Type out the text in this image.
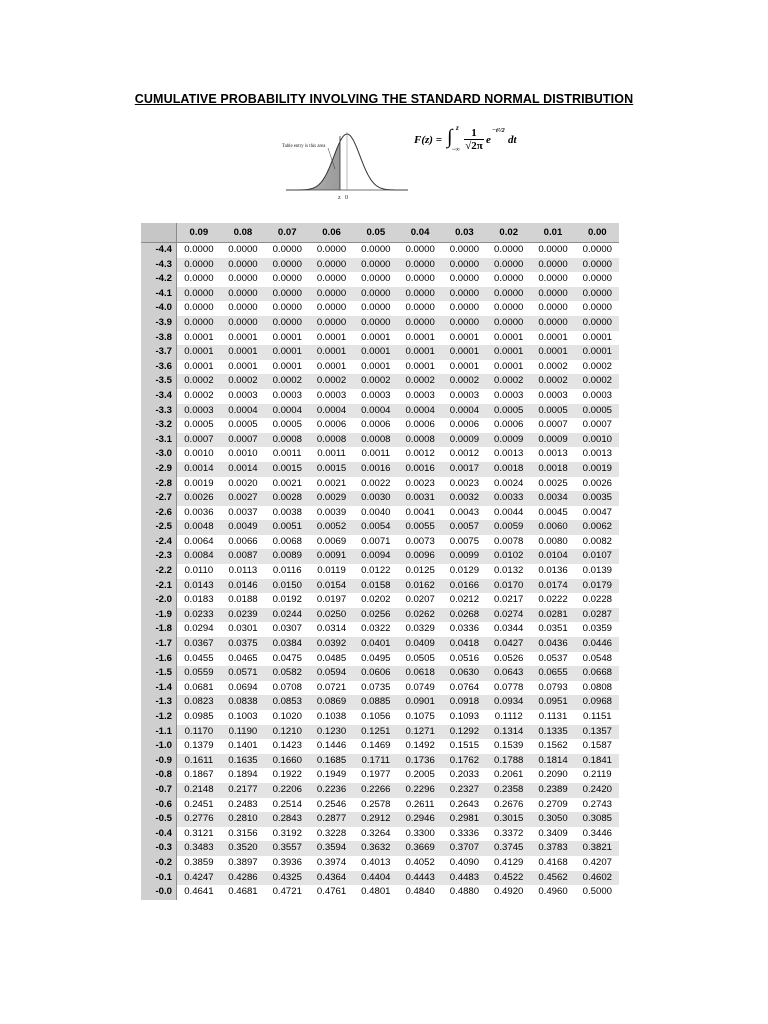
CUMULATIVE PROBABILITY INVOLVING THE STANDARD NORMAL DISTRIBUTION
Table entry is this area
z 0
F(z) = ∫ z
−∞
1
√2π e
−t²/2
dt
	0.09	0.08	0.07	0.06	0.05	0.04	0.03	0.02	0.01	0.00
-4.4	0.0000	0.0000	0.0000	0.0000	0.0000	0.0000	0.0000	0.0000	0.0000	0.0000
-4.3	0.0000	0.0000	0.0000	0.0000	0.0000	0.0000	0.0000	0.0000	0.0000	0.0000
-4.2	0.0000	0.0000	0.0000	0.0000	0.0000	0.0000	0.0000	0.0000	0.0000	0.0000
-4.1	0.0000	0.0000	0.0000	0.0000	0.0000	0.0000	0.0000	0.0000	0.0000	0.0000
-4.0	0.0000	0.0000	0.0000	0.0000	0.0000	0.0000	0.0000	0.0000	0.0000	0.0000
-3.9	0.0000	0.0000	0.0000	0.0000	0.0000	0.0000	0.0000	0.0000	0.0000	0.0000
-3.8	0.0001	0.0001	0.0001	0.0001	0.0001	0.0001	0.0001	0.0001	0.0001	0.0001
-3.7	0.0001	0.0001	0.0001	0.0001	0.0001	0.0001	0.0001	0.0001	0.0001	0.0001
-3.6	0.0001	0.0001	0.0001	0.0001	0.0001	0.0001	0.0001	0.0001	0.0002	0.0002
-3.5	0.0002	0.0002	0.0002	0.0002	0.0002	0.0002	0.0002	0.0002	0.0002	0.0002
-3.4	0.0002	0.0003	0.0003	0.0003	0.0003	0.0003	0.0003	0.0003	0.0003	0.0003
-3.3	0.0003	0.0004	0.0004	0.0004	0.0004	0.0004	0.0004	0.0005	0.0005	0.0005
-3.2	0.0005	0.0005	0.0005	0.0006	0.0006	0.0006	0.0006	0.0006	0.0007	0.0007
-3.1	0.0007	0.0007	0.0008	0.0008	0.0008	0.0008	0.0009	0.0009	0.0009	0.0010
-3.0	0.0010	0.0010	0.0011	0.0011	0.0011	0.0012	0.0012	0.0013	0.0013	0.0013
-2.9	0.0014	0.0014	0.0015	0.0015	0.0016	0.0016	0.0017	0.0018	0.0018	0.0019
-2.8	0.0019	0.0020	0.0021	0.0021	0.0022	0.0023	0.0023	0.0024	0.0025	0.0026
-2.7	0.0026	0.0027	0.0028	0.0029	0.0030	0.0031	0.0032	0.0033	0.0034	0.0035
-2.6	0.0036	0.0037	0.0038	0.0039	0.0040	0.0041	0.0043	0.0044	0.0045	0.0047
-2.5	0.0048	0.0049	0.0051	0.0052	0.0054	0.0055	0.0057	0.0059	0.0060	0.0062
-2.4	0.0064	0.0066	0.0068	0.0069	0.0071	0.0073	0.0075	0.0078	0.0080	0.0082
-2.3	0.0084	0.0087	0.0089	0.0091	0.0094	0.0096	0.0099	0.0102	0.0104	0.0107
-2.2	0.0110	0.0113	0.0116	0.0119	0.0122	0.0125	0.0129	0.0132	0.0136	0.0139
-2.1	0.0143	0.0146	0.0150	0.0154	0.0158	0.0162	0.0166	0.0170	0.0174	0.0179
-2.0	0.0183	0.0188	0.0192	0.0197	0.0202	0.0207	0.0212	0.0217	0.0222	0.0228
-1.9	0.0233	0.0239	0.0244	0.0250	0.0256	0.0262	0.0268	0.0274	0.0281	0.0287
-1.8	0.0294	0.0301	0.0307	0.0314	0.0322	0.0329	0.0336	0.0344	0.0351	0.0359
-1.7	0.0367	0.0375	0.0384	0.0392	0.0401	0.0409	0.0418	0.0427	0.0436	0.0446
-1.6	0.0455	0.0465	0.0475	0.0485	0.0495	0.0505	0.0516	0.0526	0.0537	0.0548
-1.5	0.0559	0.0571	0.0582	0.0594	0.0606	0.0618	0.0630	0.0643	0.0655	0.0668
-1.4	0.0681	0.0694	0.0708	0.0721	0.0735	0.0749	0.0764	0.0778	0.0793	0.0808
-1.3	0.0823	0.0838	0.0853	0.0869	0.0885	0.0901	0.0918	0.0934	0.0951	0.0968
-1.2	0.0985	0.1003	0.1020	0.1038	0.1056	0.1075	0.1093	0.1112	0.1131	0.1151
-1.1	0.1170	0.1190	0.1210	0.1230	0.1251	0.1271	0.1292	0.1314	0.1335	0.1357
-1.0	0.1379	0.1401	0.1423	0.1446	0.1469	0.1492	0.1515	0.1539	0.1562	0.1587
-0.9	0.1611	0.1635	0.1660	0.1685	0.1711	0.1736	0.1762	0.1788	0.1814	0.1841
-0.8	0.1867	0.1894	0.1922	0.1949	0.1977	0.2005	0.2033	0.2061	0.2090	0.2119
-0.7	0.2148	0.2177	0.2206	0.2236	0.2266	0.2296	0.2327	0.2358	0.2389	0.2420
-0.6	0.2451	0.2483	0.2514	0.2546	0.2578	0.2611	0.2643	0.2676	0.2709	0.2743
-0.5	0.2776	0.2810	0.2843	0.2877	0.2912	0.2946	0.2981	0.3015	0.3050	0.3085
-0.4	0.3121	0.3156	0.3192	0.3228	0.3264	0.3300	0.3336	0.3372	0.3409	0.3446
-0.3	0.3483	0.3520	0.3557	0.3594	0.3632	0.3669	0.3707	0.3745	0.3783	0.3821
-0.2	0.3859	0.3897	0.3936	0.3974	0.4013	0.4052	0.4090	0.4129	0.4168	0.4207
-0.1	0.4247	0.4286	0.4325	0.4364	0.4404	0.4443	0.4483	0.4522	0.4562	0.4602
-0.0	0.4641	0.4681	0.4721	0.4761	0.4801	0.4840	0.4880	0.4920	0.4960	0.5000
